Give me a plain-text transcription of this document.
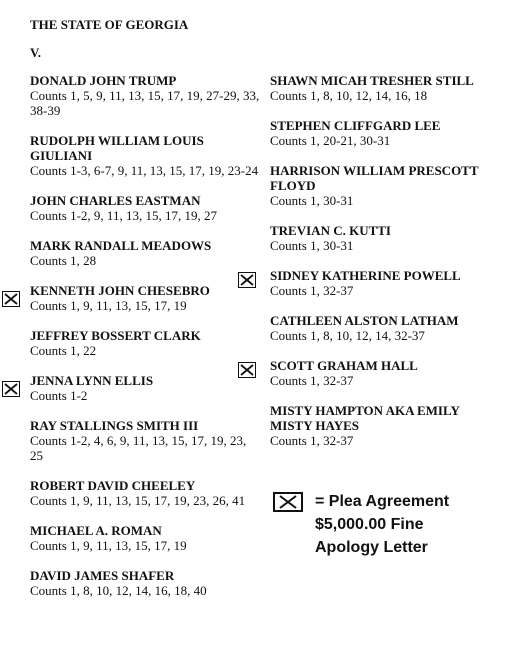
THE STATE OF GEORGIA
V.
DONALD JOHN TRUMP
Counts 1, 5, 9, 11, 13, 15, 17, 19, 27-29, 33, 38-39
RUDOLPH WILLIAM LOUIS GIULIANI
Counts 1-3, 6-7, 9, 11, 13, 15, 17, 19, 23-24
JOHN CHARLES EASTMAN
Counts 1-2, 9, 11, 13, 15, 17, 19, 27
MARK RANDALL MEADOWS
Counts 1, 28
KENNETH JOHN CHESEBRO
Counts 1, 9, 11, 13, 15, 17, 19
JEFFREY BOSSERT CLARK
Counts 1, 22
JENNA LYNN ELLIS
Counts 1-2
RAY STALLINGS SMITH III
Counts 1-2, 4, 6, 9, 11, 13, 15, 17, 19, 23, 25
ROBERT DAVID CHEELEY
Counts 1, 9, 11, 13, 15, 17, 19, 23, 26, 41
MICHAEL A. ROMAN
Counts 1, 9, 11, 13, 15, 17, 19
DAVID JAMES SHAFER
Counts 1, 8, 10, 12, 14, 16, 18, 40
SHAWN MICAH TRESHER STILL
Counts 1, 8, 10, 12, 14, 16, 18
STEPHEN CLIFFGARD LEE
Counts 1, 20-21, 30-31
HARRISON WILLIAM PRESCOTT FLOYD
Counts 1, 30-31
TREVIAN C. KUTTI
Counts 1, 30-31
SIDNEY KATHERINE POWELL
Counts 1, 32-37
CATHLEEN ALSTON LATHAM
Counts 1, 8, 10, 12, 14, 32-37
SCOTT GRAHAM HALL
Counts 1, 32-37
MISTY HAMPTON AKA EMILY MISTY HAYES
Counts 1, 32-37
= Plea Agreement
$5,000.00 Fine
Apology Letter
